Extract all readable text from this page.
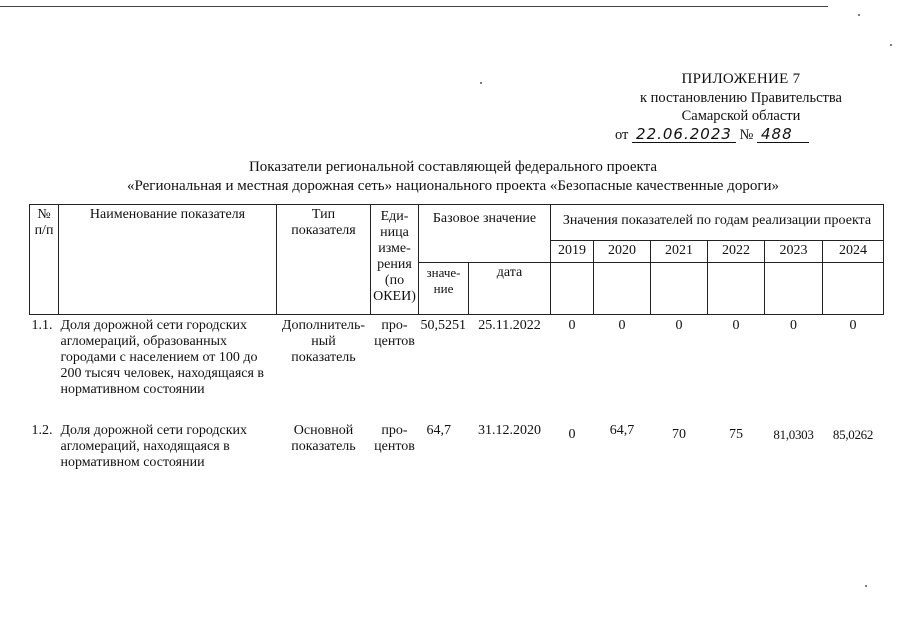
ПРИЛОЖЕНИЕ 7
к постановлению Правительства
Самарской области
от 22.06.2023 № 488
Показатели региональной составляющей федерального проекта
«Региональная и местная дорожная сеть» национального проекта «Безопасные качественные дороги»
№ п/п	Наименование показателя	Тип показателя	Еди-ница изме-рения (по ОКЕИ)	Базовое значение		Значения показателей по годам реализации проекта					
						2019	2020	2021	2022	2023	2024
				значе-ние	дата						
1.1.	Доля дорожной сети городских агломераций, образованных городами с населением от 100 до 200 тысяч человек, находящаяся в нормативном состоянии	Дополнитель-ный показатель	про-центов	50,5251	25.11.2022	0	0	0	0	0	0

1.2.	Доля дорожной сети городских агломераций, находящаяся в нормативном состоянии	Основной показатель	про-центов	64,7	31.12.2020	0	64,7	70	75	81,0303	85,0262
